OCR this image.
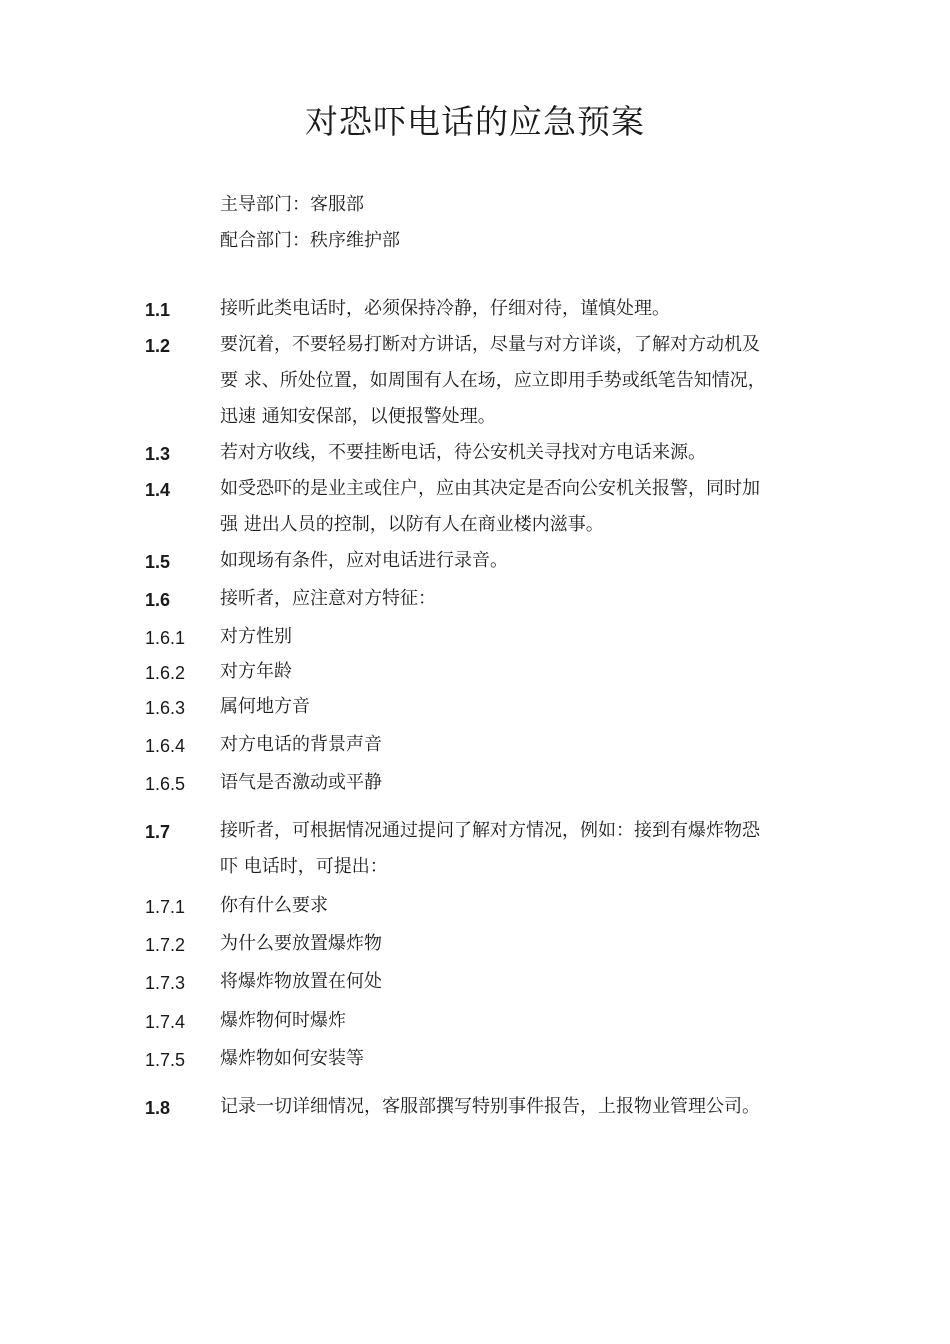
对恐吓电话的应急预案
主导部门：客服部
配合部门：秩序维护部
1.1	接听此类电话时，必须保持冷静，仔细对待，谨慎处理。
1.2	要沉着，不要轻易打断对方讲话，尽量与对方详谈，了解对方动机及
要 求、所处位置，如周围有人在场，应立即用手势或纸笔告知情况，
迅速 通知安保部，以便报警处理。
1.3	若对方收线，不要挂断电话，待公安机关寻找对方电话来源。
1.4	如受恐吓的是业主或住户，应由其决定是否向公安机关报警，同时加
强 进出人员的控制，以防有人在商业楼内滋事。
1.5	如现场有条件，应对电话进行录音。
1.6	接听者，应注意对方特征：
1.6.1 对方性别
1.6.2 对方年龄
1.6.3 属何地方音
1.6.4 对方电话的背景声音
1.6.5 语气是否激动或平静
1.7	接听者，可根据情况通过提问了解对方情况，例如：接到有爆炸物恐
吓 电话时，可提出：
1.7.1 你有什么要求
1.7.2 为什么要放置爆炸物
1.7.3 将爆炸物放置在何处
1.7.4 爆炸物何时爆炸
1.7.5 爆炸物如何安装等
1.8	记录一切详细情况，客服部撰写特别事件报告，上报物业管理公司。
